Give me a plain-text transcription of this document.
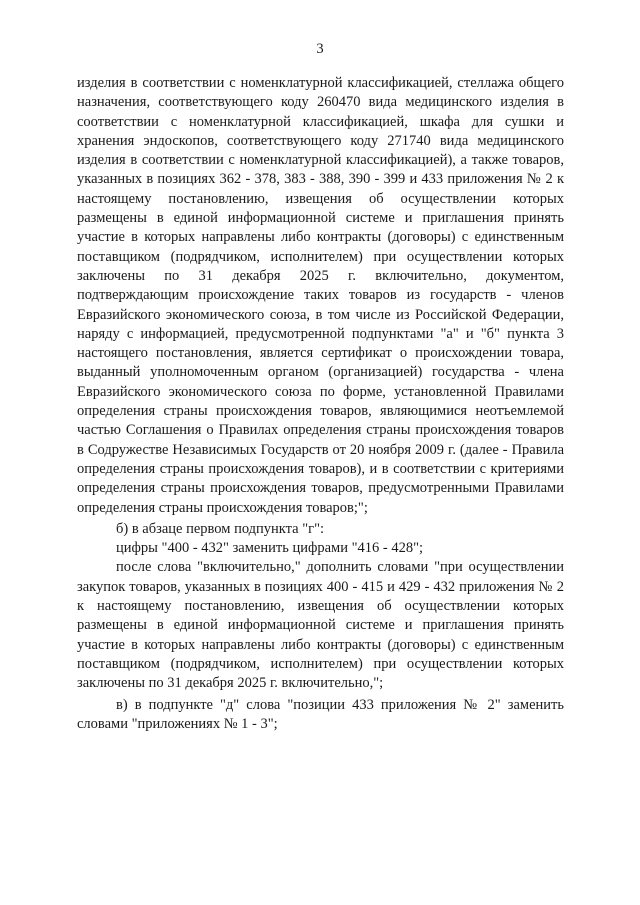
3

изделия в соответствии с номенклатурной классификацией, стеллажа общего назначения, соответствующего коду 260470 вида медицинского изделия в соответствии с номенклатурной классификацией, шкафа для сушки и хранения эндоскопов, соответствующего коду 271740 вида медицинского изделия в соответствии с номенклатурной классификацией), а также товаров, указанных в позициях 362 - 378, 383 - 388, 390 - 399 и 433 приложения № 2 к настоящему постановлению, извещения об осуществлении которых размещены в единой информационной системе и приглашения принять участие в которых направлены либо контракты (договоры) с единственным поставщиком (подрядчиком, исполнителем) при осуществлении которых заключены по 31 декабря 2025 г. включительно, документом, подтверждающим происхождение таких товаров из государств - членов Евразийского экономического союза, в том числе из Российской Федерации, наряду с информацией, предусмотренной подпунктами "а" и "б" пункта 3 настоящего постановления, является сертификат о происхождении товара, выданный уполномоченным органом (организацией) государства - члена Евразийского экономического союза по форме, установленной Правилами определения страны происхождения товаров, являющимися неотъемлемой частью Соглашения о Правилах определения страны происхождения товаров в Содружестве Независимых Государств от 20 ноября 2009 г. (далее - Правила определения страны происхождения товаров), и в соответствии с критериями определения страны происхождения товаров, предусмотренными Правилами определения страны происхождения товаров;";

б) в абзаце первом подпункта "г":

цифры "400 - 432" заменить цифрами "416 - 428";

после слова "включительно," дополнить словами "при осуществлении закупок товаров, указанных в позициях 400 - 415 и 429 - 432 приложения № 2 к настоящему постановлению, извещения об осуществлении которых размещены в единой информационной системе и приглашения принять участие в которых направлены либо контракты (договоры) с единственным поставщиком (подрядчиком, исполнителем) при осуществлении которых заключены по 31 декабря 2025 г. включительно,";

в) в подпункте "д" слова "позиции 433 приложения № 2" заменить словами "приложениях № 1 - 3";
